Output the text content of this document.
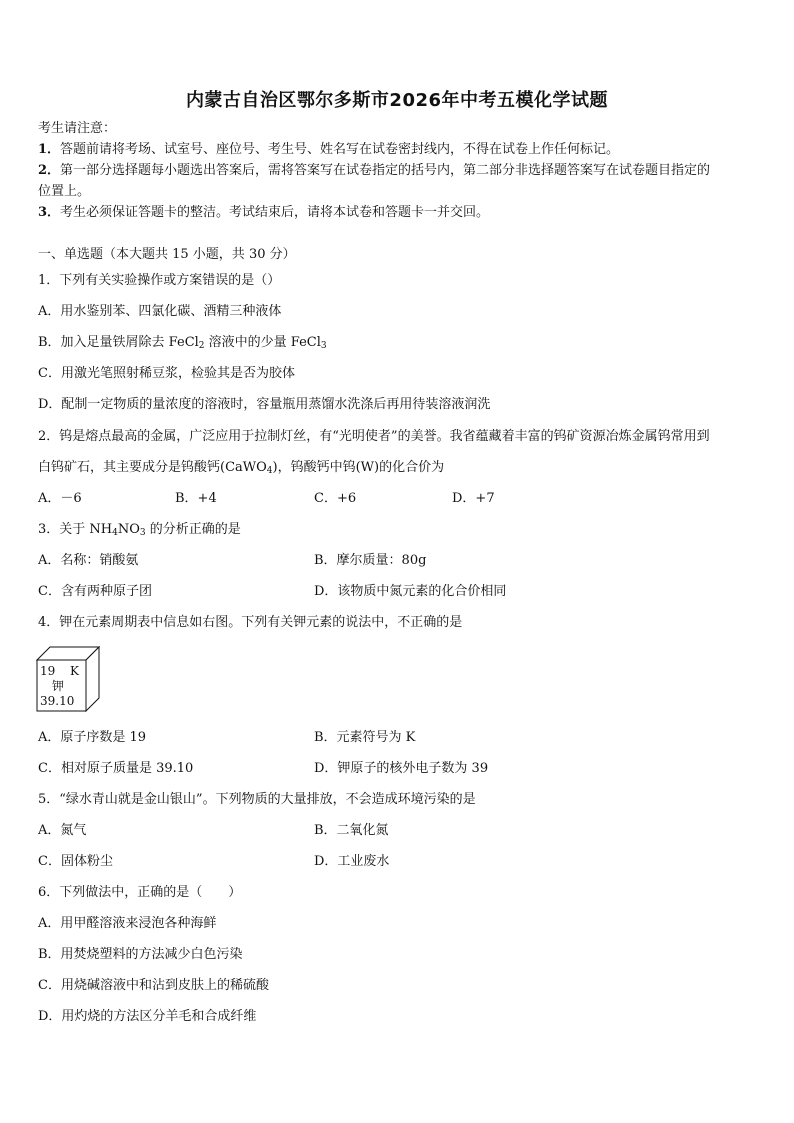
内蒙古自治区鄂尔多斯市2026年中考五模化学试题
考生请注意：
1．答题前请将考场、试室号、座位号、考生号、姓名写在试卷密封线内，不得在试卷上作任何标记。
2．第一部分选择题每小题选出答案后，需将答案写在试卷指定的括号内，第二部分非选择题答案写在试卷题目指定的
位置上。
3．考生必须保证答题卡的整洁。考试结束后，请将本试卷和答题卡一并交回。
一、单选题（本大题共 15 小题，共 30 分）
1．下列有关实验操作或方案错误的是（）
A．用水鉴别苯、四氯化碳、酒精三种液体
B．加入足量铁屑除去 FeCl$_2$ 溶液中的少量 FeCl$_3$
C．用激光笔照射稀豆浆，检验其是否为胶体
D．配制一定物质的量浓度的溶液时，容量瓶用蒸馏水洗涤后再用待装溶液润洗
2．钨是熔点最高的金属，广泛应用于拉制灯丝，有“光明使者”的美誉。我省蕴藏着丰富的钨矿资源冶炼金属钨常用到
白钨矿石，其主要成分是钨酸钙(CaWO$_4$)，钨酸钙中钨(W)的化合价为
A．－6	B．+4	C．+6	D．+7
3．关于 $NH_4NO_3$ 的分析正确的是
A．名称：销酸氨	B．摩尔质量：80g
C．含有两种原子团	D．该物质中氮元素的化合价相同
4．钾在元素周期表中信息如右图。下列有关钾元素的说法中，不正确的是
19 K
钾
39.10
A．原子序数是 19	B．元素符号为 K
C．相对原子质量是 39.10	D．钾原子的核外电子数为 39
5．“绿水青山就是金山银山”。下列物质的大量排放，不会造成环境污染的是
A．氮气	B．二氧化氮
C．固体粉尘	D．工业废水
6．下列做法中，正确的是（　　）
A．用甲醛溶液来浸泡各种海鲜
B．用焚烧塑料的方法减少白色污染
C．用烧碱溶液中和沾到皮肤上的稀硫酸
D．用灼烧的方法区分羊毛和合成纤维
